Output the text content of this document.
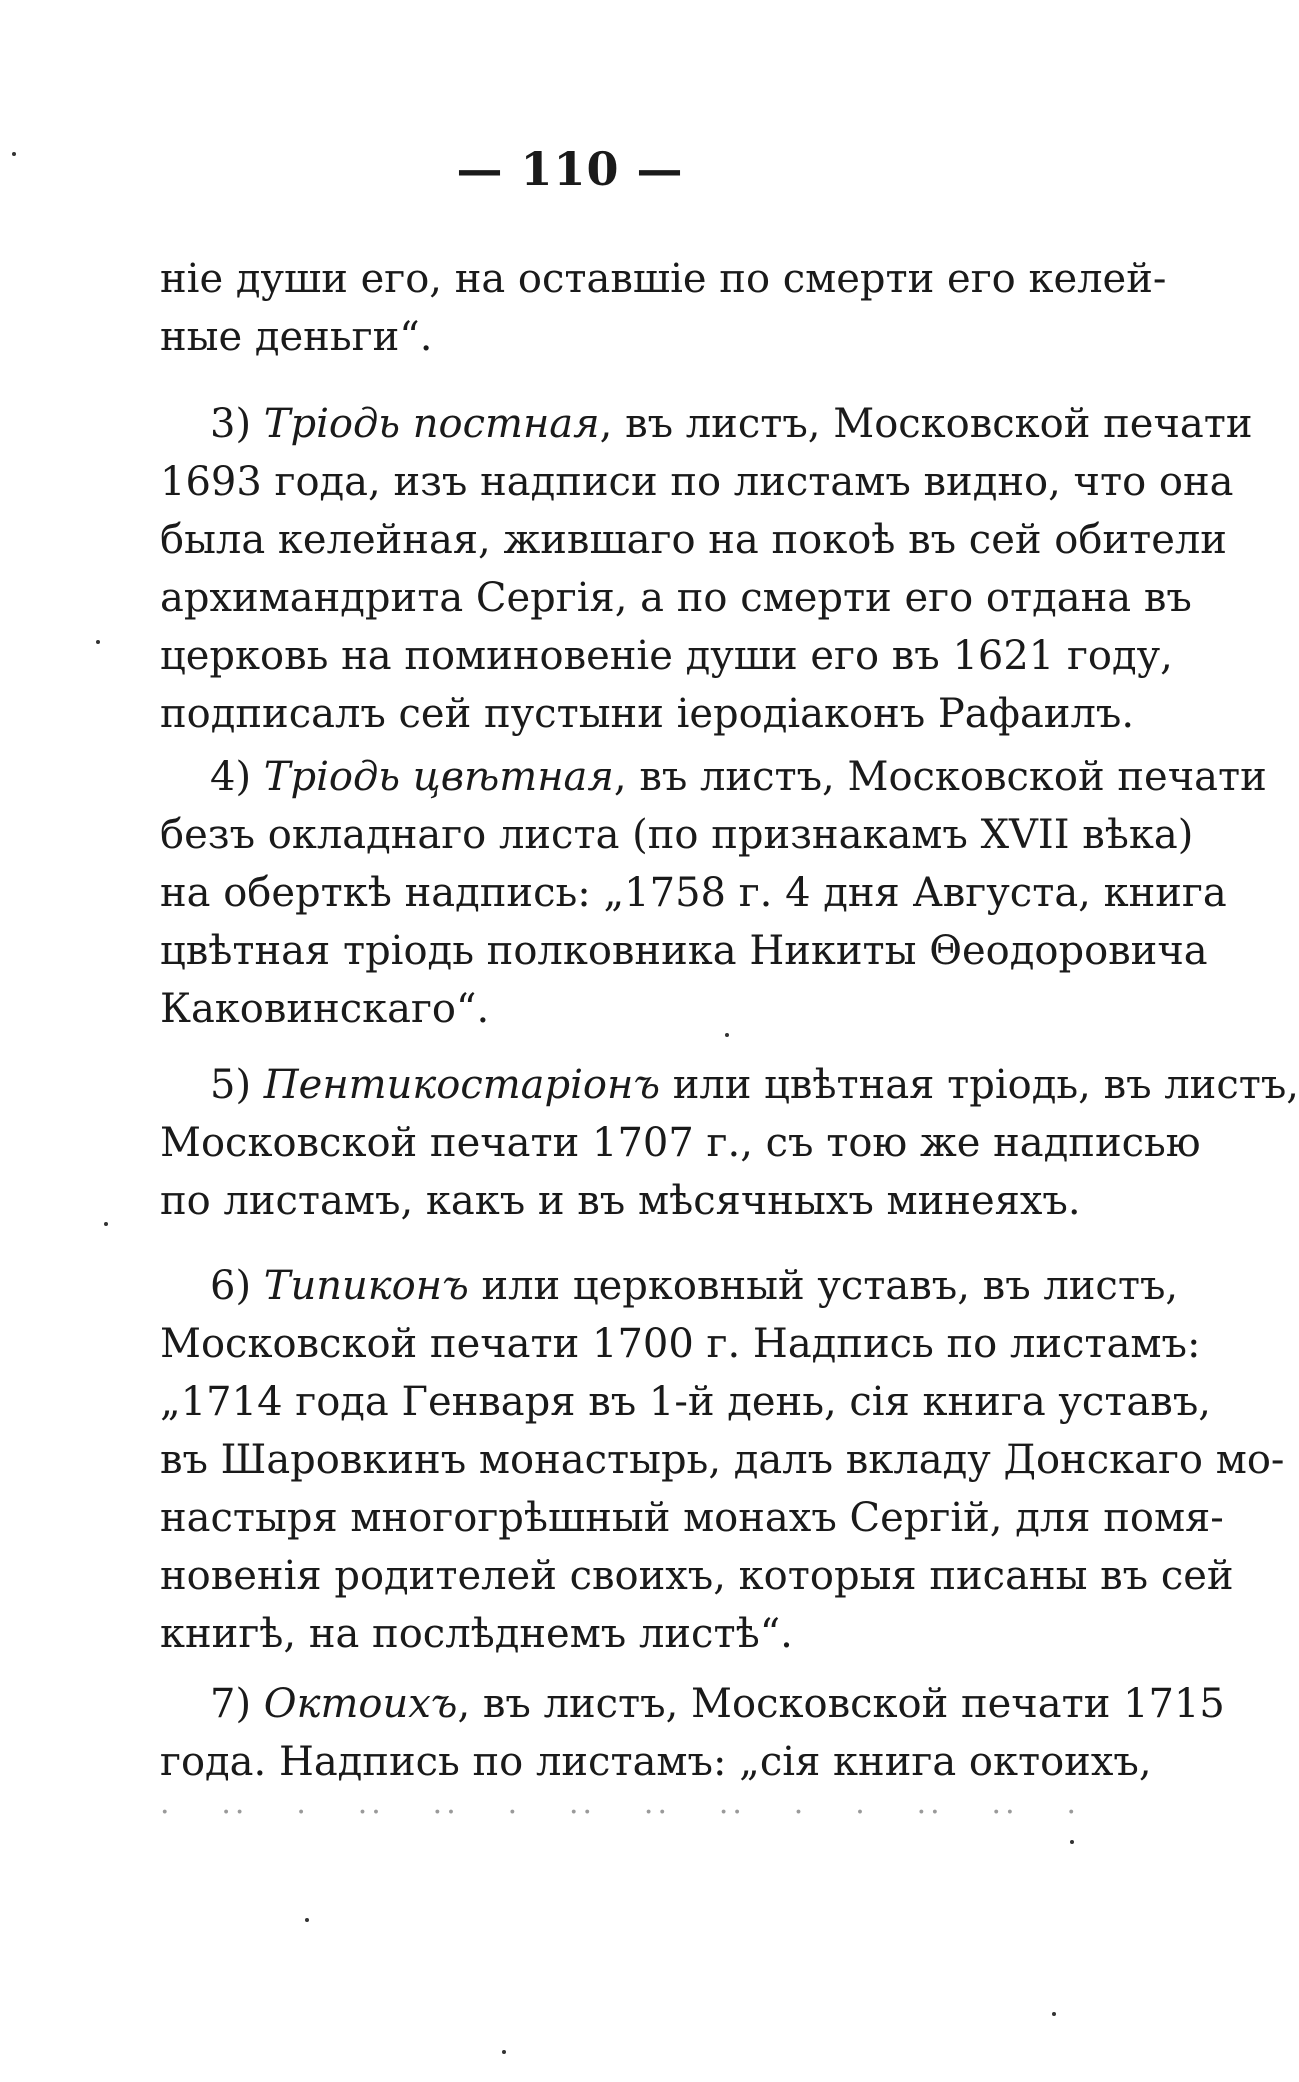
— 110 —
ніе души его, на оставшіе по смерти его келей-
ные деньги“.
3) Тріодь постная, въ листъ, Московской печати
1693 года, изъ надписи по листамъ видно, что она
была келейная, жившаго на покоѣ въ сей обители
архимандрита Сергія, а по смерти его отдана въ
церковь на поминовеніе души его въ 1621 году,
подписалъ сей пустыни іеродіаконъ Рафаилъ.
4) Тріодь цвѣтная, въ листъ, Московской печати
безъ окладнаго листа (по признакамъ XVII вѣка)
на оберткѣ надпись: „1758 г. 4 дня Августа, книга
цвѣтная тріодь полковника Никиты Θеодоровича
Каковинскаго“.
5) Пентикостаріонъ или цвѣтная тріодь, въ листъ,
Московской печати 1707 г., съ тою же надписью
по листамъ, какъ и въ мѣсячныхъ минеяхъ.
6) Типиконъ или церковный уставъ, въ листъ,
Московской печати 1700 г. Надпись по листамъ:
„1714 года Генваря въ 1-й день, сія книга уставъ,
въ Шаровкинъ монастырь, далъ вкладу Донскаго мо-
настыря многогрѣшный монахъ Сергій, для помя-
новенія родителей своихъ, которыя писаны въ сей
книгѣ, на послѣднемъ листѣ“.
7) Октоихъ, въ листъ, Московской печати 1715
года. Надпись по листамъ: „сія книга октоихъ,
· ·· · ·· ·· · ·· ·· ·· · · ·· ·· ·
